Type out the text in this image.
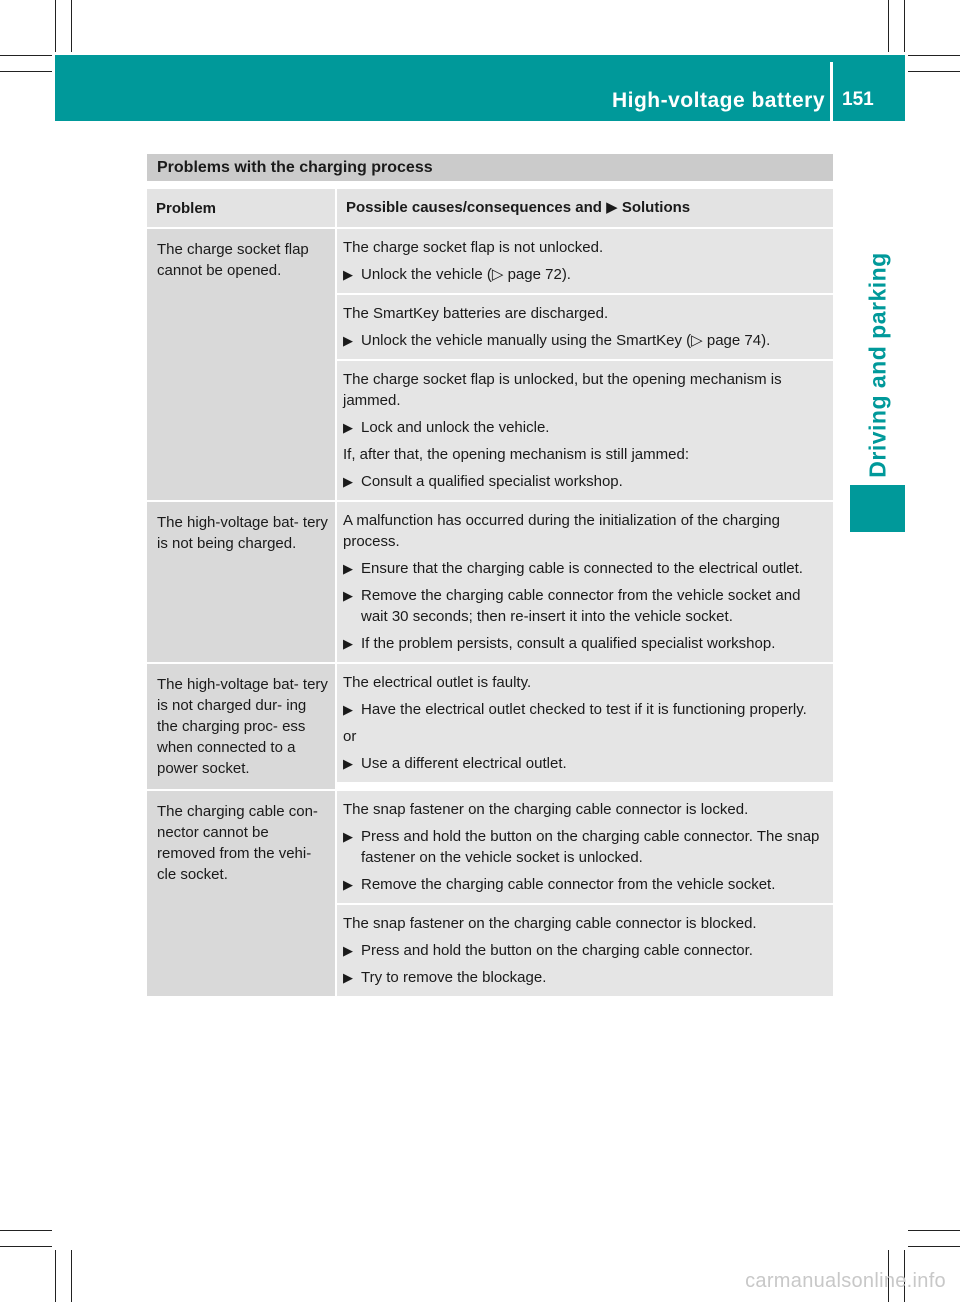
High-voltage battery 151
Driving and parking
Problems with the charging process
Problem	Possible causes/consequences and ▶ Solutions
The charge socket flap cannot be opened.

The charge socket flap is not unlocked.

▶ Unlock the vehicle (▷ page 72).

The SmartKey batteries are discharged.

▶ Unlock the vehicle manually using the SmartKey (▷ page 74).

The charge socket flap is unlocked, but the opening mechanism is jammed.

▶ Lock and unlock the vehicle.

If, after that, the opening mechanism is still jammed:

▶ Consult a qualified specialist workshop.
The high-voltage bat- tery is not being charged.

A malfunction has occurred during the initialization of the charging process.

▶ Ensure that the charging cable is connected to the electrical outlet.
▶ Remove the charging cable connector from the vehicle socket and wait 30 seconds; then re-insert it into the vehicle socket.
▶ If the problem persists, consult a qualified specialist workshop.
The high-voltage bat- tery is not charged dur- ing the charging proc- ess when connected to a power socket.

The electrical outlet is faulty.

▶ Have the electrical outlet checked to test if it is functioning properly.

or

▶ Use a different electrical outlet.
The charging cable con- nector cannot be removed from the vehi- cle socket.

The snap fastener on the charging cable connector is locked.

▶ Press and hold the button on the charging cable connector. The snap fastener on the vehicle socket is unlocked.
▶ Remove the charging cable connector from the vehicle socket.

The snap fastener on the charging cable connector is blocked.

▶ Press and hold the button on the charging cable connector.
▶ Try to remove the blockage.
carmanualsonline.info
